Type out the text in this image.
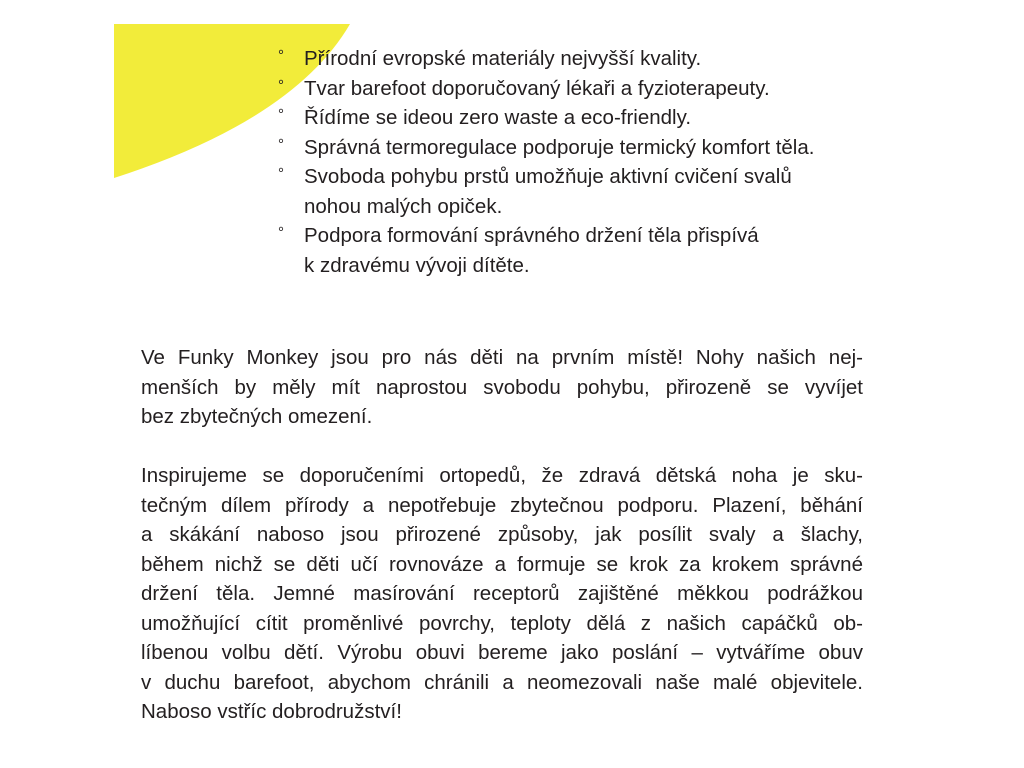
° Přírodní evropské materiály nejvyšší kvality.
° Tvar barefoot doporučovaný lékaři a fyzioterapeuty.
° Řídíme se ideou zero waste a eco-friendly.
° Správná termoregulace podporuje termický komfort těla.
° Svoboda pohybu prstů umožňuje aktivní cvičení svalů
nohou malých opiček.
° Podpora formování správného držení těla přispívá
k zdravému vývoji dítěte.

Ve Funky Monkey jsou pro nás děti na prvním místě! Nohy našich nej-
menších by měly mít naprostou svobodu pohybu, přirozeně se vyvíjet
bez zbytečných omezení.

Inspirujeme se doporučeními ortopedů, že zdravá dětská noha je sku-
tečným dílem přírody a nepotřebuje zbytečnou podporu. Plazení, běhání
a skákání naboso jsou přirozené způsoby, jak posílit svaly a šlachy,
během nichž se děti učí rovnováze a formuje se krok za krokem správné
držení těla. Jemné masírování receptorů zajištěné měkkou podrážkou
umožňující cítit proměnlivé povrchy, teploty dělá z našich capáčků ob-
líbenou volbu dětí. Výrobu obuvi bereme jako poslání – vytváříme obuv
v duchu barefoot, abychom chránili a neomezovali naše malé objevitele.
Naboso vstříc dobrodružství!
